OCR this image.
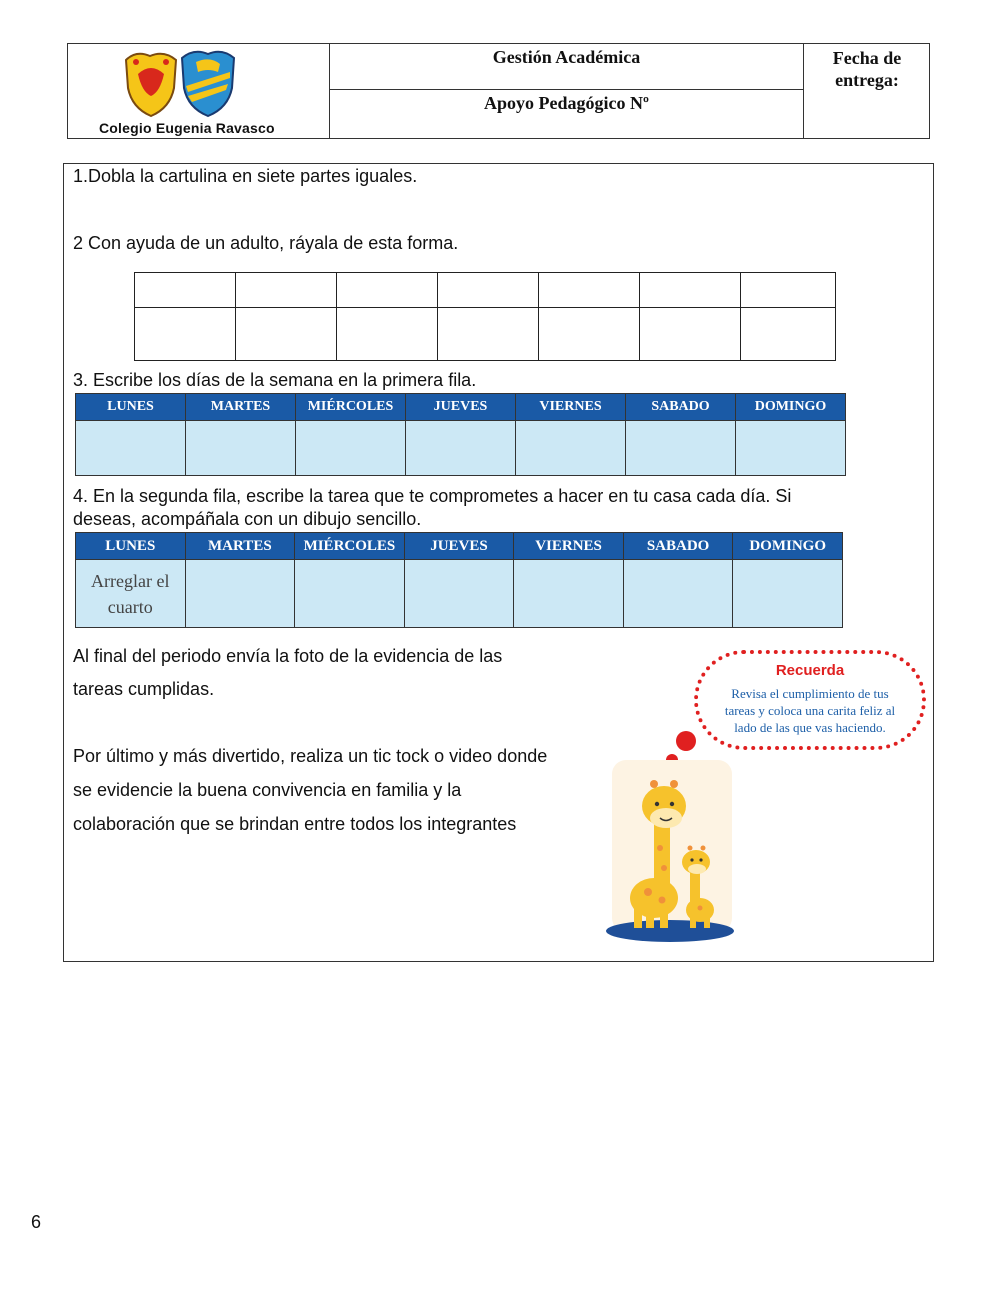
Colegio Eugenia Ravasco
Gestión Académica
Apoyo Pedagógico Nº
Fecha de
entrega:
1.Dobla la cartulina en siete partes iguales.
2 Con ayuda de un adulto, ráyala de esta forma.

3. Escribe los días de la semana en la primera fila.
LUNES	MARTES	MIÉRCOLES	JUEVES	VIERNES	SABADO	DOMINGO

4. En la segunda fila, escribe la tarea que te comprometes a hacer en tu casa cada día. Si
deseas, acompáñala con un dibujo sencillo.
LUNES	MARTES	MIÉRCOLES	JUEVES	VIERNES	SABADO	DOMINGO

Arreglar el
cuarto						

Al final del periodo envía la foto de la evidencia de las
tareas cumplidas.
Por último y más divertido, realiza un tic tock o video donde
se evidencie la buena convivencia en familia y la
colaboración que se brindan entre todos los integrantes
Recuerda
Revisa el cumplimiento de tus
tareas y coloca una carita feliz al
lado de las que vas haciendo.
6
